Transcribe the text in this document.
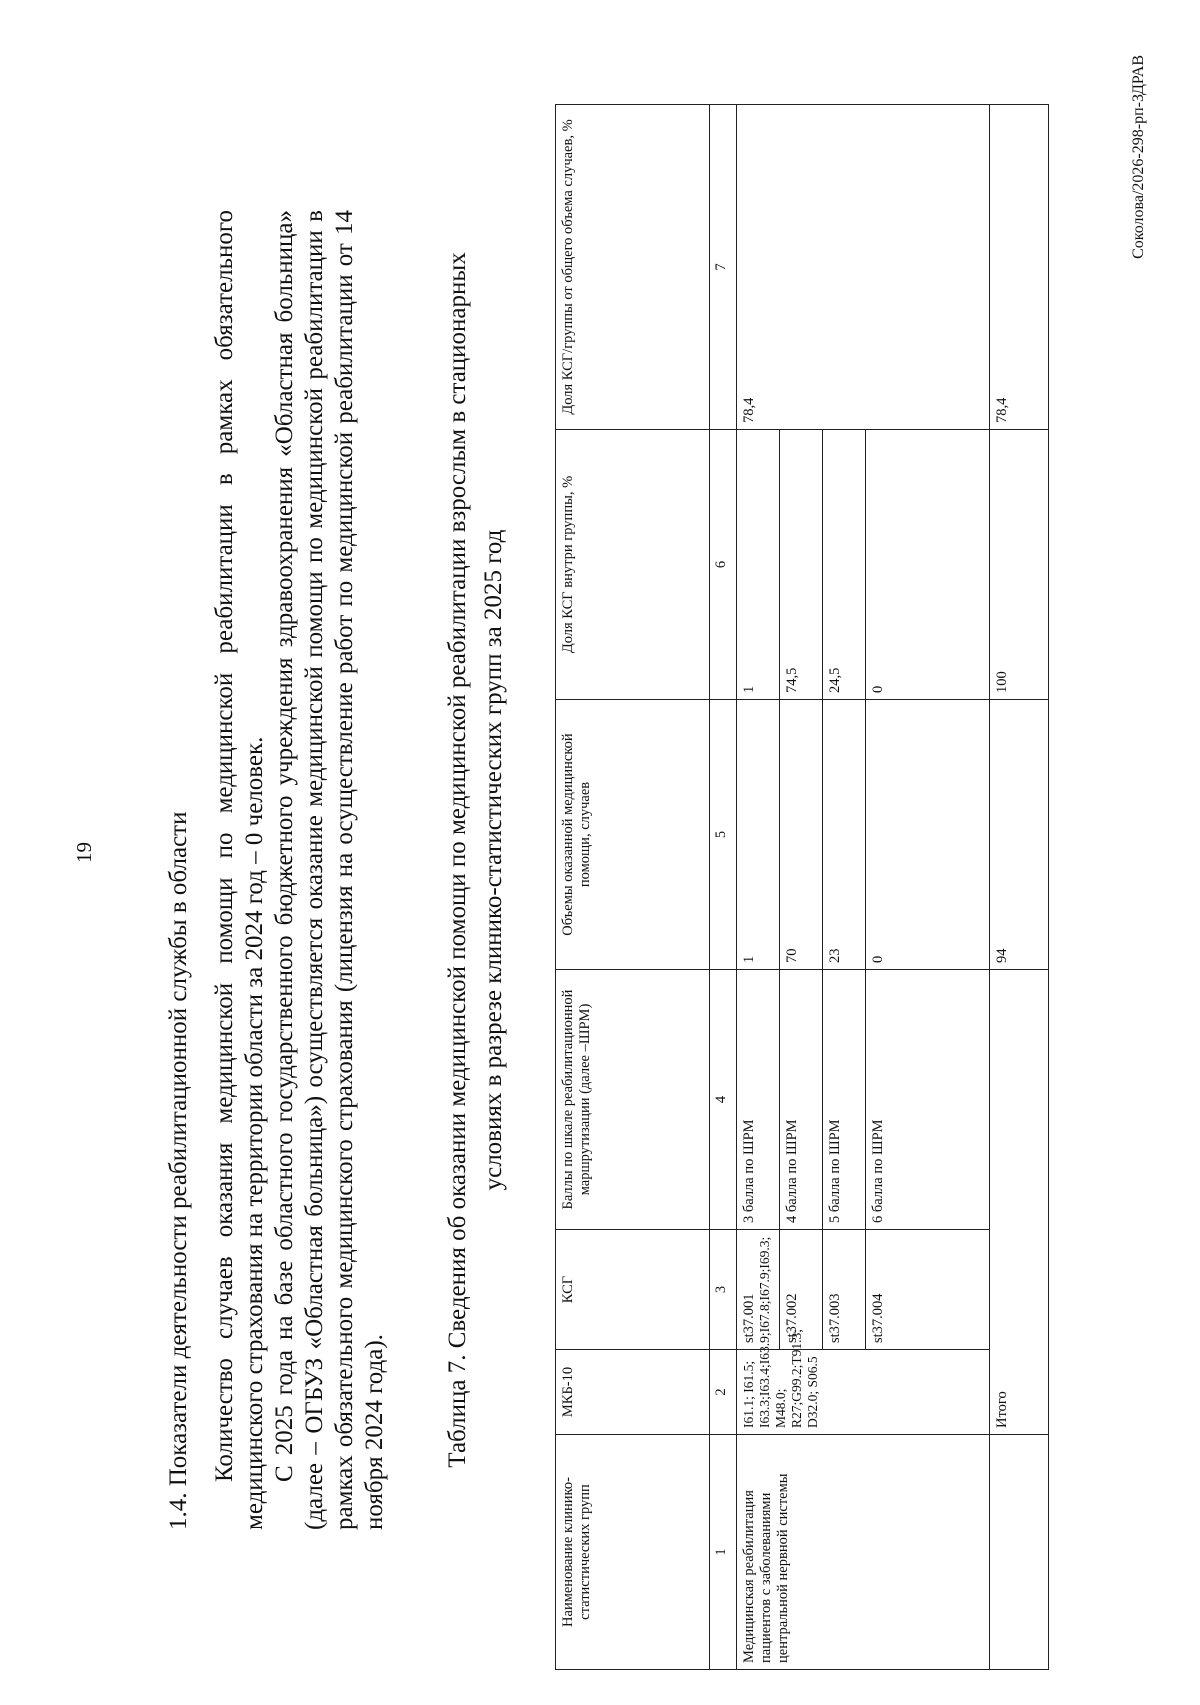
19	1.4. Показатели деятельности реабилитационной службы в области Количество случаев оказания медицинской помощи по медицинской реабилитации в рамках обязательного медицинского страхования на территории области за 2024 год – 0 человек. С 2025 года на базе областного государственного бюджетного учреждения здравоохранения «Областная больница» (далее – ОГБУЗ «Областная больница») осуществляется оказание медицинской помощи по медицинской реабилитации в рамках обязательного медицинского страхования (лицензия на осуществление работ по медицинской реабилитации от 14 ноября 2024 года). Таблица 7. Сведения об оказании медицинской помощи по медицинской реабилитации взрослым в стационарных условиях в разрезе клинико-статистических групп за 2025 год
Наименование клинико-статистических групп	МКБ-10	КСГ	Баллы по шкале реабилитационной маршрутизации (далее –ШРМ)	Объемы оказанной медицинской помощи, случаев	Доля КСГ внутри группы, %	Доля КСГ/группы от общего объема случаев, %
1	2	3	4	5	6	7
Медицинская реабилитация пациентов с заболеваниями центральной нервной системы	I61.1; I61.5; I63.3;I63.4;I63.9;I67.8;I67.9;I69.3; M48.0; R27;G99.2;T91.3; D32.0; S06.5	st37.001	3 балла по ШРМ	1	1	78,4
		st37.002	4 балла по ШРМ	70	74,5	
		st37.003	5 балла по ШРМ	23	24,5	
		st37.004	6 балла по ШРМ	0	0	
	Итого			94	100	78,4
Соколова/2026-298-рп-ЗДРАВ
